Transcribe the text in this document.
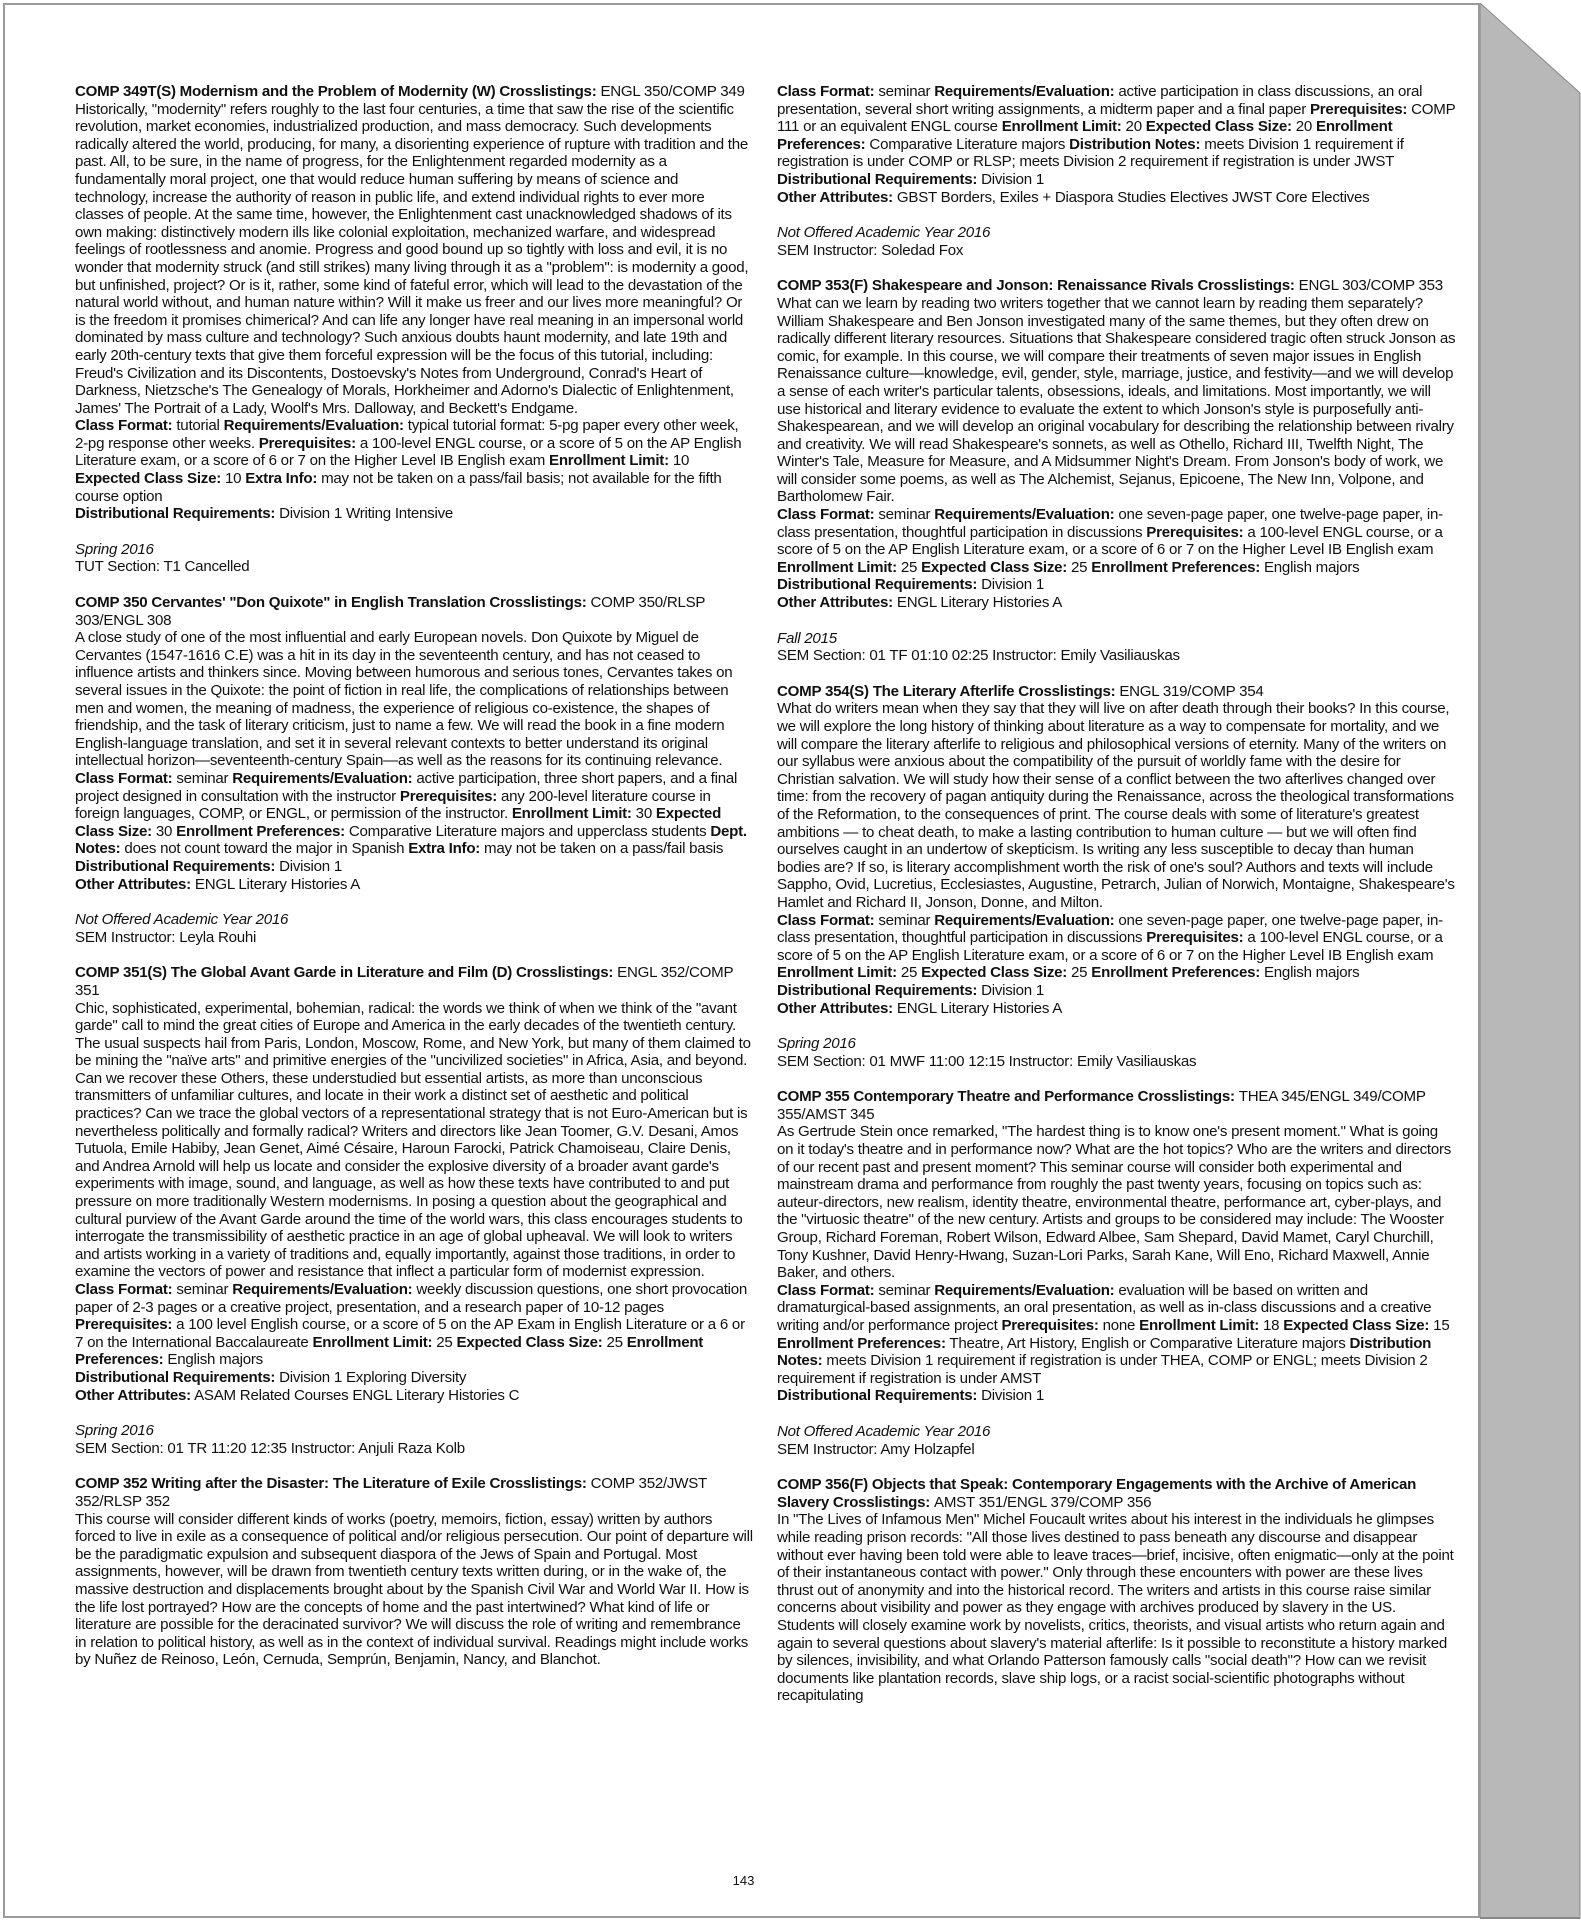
COMP 349T(S) Modernism and the Problem of Modernity (W) Crosslistings: ENGL 350/COMP 349
Historically, "modernity" refers roughly to the last four centuries, a time that saw the rise of the scientific revolution, market economies, industrialized production, and mass democracy. Such developments radically altered the world, producing, for many, a disorienting experience of rupture with tradition and the past. All, to be sure, in the name of progress, for the Enlightenment regarded modernity as a fundamentally moral project, one that would reduce human suffering by means of science and technology, increase the authority of reason in public life, and extend individual rights to ever more classes of people. At the same time, however, the Enlightenment cast unacknowledged shadows of its own making: distinctively modern ills like colonial exploitation, mechanized warfare, and widespread feelings of rootlessness and anomie. Progress and good bound up so tightly with loss and evil, it is no wonder that modernity struck (and still strikes) many living through it as a "problem": is modernity a good, but unfinished, project? Or is it, rather, some kind of fateful error, which will lead to the devastation of the natural world without, and human nature within? Will it make us freer and our lives more meaningful? Or is the freedom it promises chimerical? And can life any longer have real meaning in an impersonal world dominated by mass culture and technology? Such anxious doubts haunt modernity, and late 19th and early 20th-century texts that give them forceful expression will be the focus of this tutorial, including: Freud's Civilization and its Discontents, Dostoevsky's Notes from Underground, Conrad's Heart of Darkness, Nietzsche's The Genealogy of Morals, Horkheimer and Adorno's Dialectic of Enlightenment, James' The Portrait of a Lady, Woolf's Mrs. Dalloway, and Beckett's Endgame.
Class Format: tutorial Requirements/Evaluation: typical tutorial format: 5-pg paper every other week, 2-pg response other weeks. Prerequisites: a 100-level ENGL course, or a score of 5 on the AP English Literature exam, or a score of 6 or 7 on the Higher Level IB English exam Enrollment Limit: 10 Expected Class Size: 10 Extra Info: may not be taken on a pass/fail basis; not available for the fifth course option
Distributional Requirements: Division 1 Writing Intensive
Spring 2016
TUT Section: T1 Cancelled
COMP 350 Cervantes' "Don Quixote" in English Translation Crosslistings: COMP 350/RLSP 303/ENGL 308
A close study of one of the most influential and early European novels. Don Quixote by Miguel de Cervantes (1547-1616 C.E) was a hit in its day in the seventeenth century, and has not ceased to influence artists and thinkers since. Moving between humorous and serious tones, Cervantes takes on several issues in the Quixote: the point of fiction in real life, the complications of relationships between men and women, the meaning of madness, the experience of religious co-existence, the shapes of friendship, and the task of literary criticism, just to name a few. We will read the book in a fine modern English-language translation, and set it in several relevant contexts to better understand its original intellectual horizon—seventeenth-century Spain—as well as the reasons for its continuing relevance.
Class Format: seminar Requirements/Evaluation: active participation, three short papers, and a final project designed in consultation with the instructor Prerequisites: any 200-level literature course in foreign languages, COMP, or ENGL, or permission of the instructor. Enrollment Limit: 30 Expected Class Size: 30 Enrollment Preferences: Comparative Literature majors and upperclass students Dept. Notes: does not count toward the major in Spanish Extra Info: may not be taken on a pass/fail basis
Distributional Requirements: Division 1
Other Attributes: ENGL Literary Histories A
Not Offered Academic Year 2016
SEM Instructor: Leyla Rouhi
COMP 351(S) The Global Avant Garde in Literature and Film (D) Crosslistings: ENGL 352/COMP 351
Chic, sophisticated, experimental, bohemian, radical: the words we think of when we think of the "avant garde" call to mind the great cities of Europe and America in the early decades of the twentieth century. The usual suspects hail from Paris, London, Moscow, Rome, and New York, but many of them claimed to be mining the "naïve arts" and primitive energies of the "uncivilized societies" in Africa, Asia, and beyond. Can we recover these Others, these understudied but essential artists, as more than unconscious transmitters of unfamiliar cultures, and locate in their work a distinct set of aesthetic and political practices? Can we trace the global vectors of a representational strategy that is not Euro-American but is nevertheless politically and formally radical? Writers and directors like Jean Toomer, G.V. Desani, Amos Tutuola, Emile Habiby, Jean Genet, Aimé Césaire, Haroun Farocki, Patrick Chamoiseau, Claire Denis, and Andrea Arnold will help us locate and consider the explosive diversity of a broader avant garde's experiments with image, sound, and language, as well as how these texts have contributed to and put pressure on more traditionally Western modernisms. In posing a question about the geographical and cultural purview of the Avant Garde around the time of the world wars, this class encourages students to interrogate the transmissibility of aesthetic practice in an age of global upheaval. We will look to writers and artists working in a variety of traditions and, equally importantly, against those traditions, in order to examine the vectors of power and resistance that inflect a particular form of modernist expression.
Class Format: seminar Requirements/Evaluation: weekly discussion questions, one short provocation paper of 2-3 pages or a creative project, presentation, and a research paper of 10-12 pages Prerequisites: a 100 level English course, or a score of 5 on the AP Exam in English Literature or a 6 or 7 on the International Baccalaureate Enrollment Limit: 25 Expected Class Size: 25 Enrollment Preferences: English majors
Distributional Requirements: Division 1 Exploring Diversity
Other Attributes: ASAM Related Courses ENGL Literary Histories C
Spring 2016
SEM Section: 01 TR 11:20 12:35 Instructor: Anjuli Raza Kolb
COMP 352 Writing after the Disaster: The Literature of Exile Crosslistings: COMP 352/JWST 352/RLSP 352
This course will consider different kinds of works (poetry, memoirs, fiction, essay) written by authors forced to live in exile as a consequence of political and/or religious persecution. Our point of departure will be the paradigmatic expulsion and subsequent diaspora of the Jews of Spain and Portugal. Most assignments, however, will be drawn from twentieth century texts written during, or in the wake of, the massive destruction and displacements brought about by the Spanish Civil War and World War II. How is the life lost portrayed? How are the concepts of home and the past intertwined? What kind of life or literature are possible for the deracinated survivor? We will discuss the role of writing and remembrance in relation to political history, as well as in the context of individual survival. Readings might include works by Nuñez de Reinoso, León, Cernuda, Semprún, Benjamin, Nancy, and Blanchot.
Class Format: seminar Requirements/Evaluation: active participation in class discussions, an oral presentation, several short writing assignments, a midterm paper and a final paper Prerequisites: COMP 111 or an equivalent ENGL course Enrollment Limit: 20 Expected Class Size: 20 Enrollment Preferences: Comparative Literature majors Distribution Notes: meets Division 1 requirement if registration is under COMP or RLSP; meets Division 2 requirement if registration is under JWST
Distributional Requirements: Division 1
Other Attributes: GBST Borders, Exiles + Diaspora Studies Electives JWST Core Electives
Not Offered Academic Year 2016
SEM Instructor: Soledad Fox
COMP 353(F) Shakespeare and Jonson: Renaissance Rivals Crosslistings: ENGL 303/COMP 353
What can we learn by reading two writers together that we cannot learn by reading them separately? William Shakespeare and Ben Jonson investigated many of the same themes, but they often drew on radically different literary resources. Situations that Shakespeare considered tragic often struck Jonson as comic, for example. In this course, we will compare their treatments of seven major issues in English Renaissance culture—knowledge, evil, gender, style, marriage, justice, and festivity—and we will develop a sense of each writer's particular talents, obsessions, ideals, and limitations. Most importantly, we will use historical and literary evidence to evaluate the extent to which Jonson's style is purposefully anti-Shakespearean, and we will develop an original vocabulary for describing the relationship between rivalry and creativity. We will read Shakespeare's sonnets, as well as Othello, Richard III, Twelfth Night, The Winter's Tale, Measure for Measure, and A Midsummer Night's Dream. From Jonson's body of work, we will consider some poems, as well as The Alchemist, Sejanus, Epicoene, The New Inn, Volpone, and Bartholomew Fair.
Class Format: seminar Requirements/Evaluation: one seven-page paper, one twelve-page paper, in-class presentation, thoughtful participation in discussions Prerequisites: a 100-level ENGL course, or a score of 5 on the AP English Literature exam, or a score of 6 or 7 on the Higher Level IB English exam Enrollment Limit: 25 Expected Class Size: 25 Enrollment Preferences: English majors
Distributional Requirements: Division 1
Other Attributes: ENGL Literary Histories A
Fall 2015
SEM Section: 01 TF 01:10 02:25 Instructor: Emily Vasiliauskas
COMP 354(S) The Literary Afterlife Crosslistings: ENGL 319/COMP 354
What do writers mean when they say that they will live on after death through their books? In this course, we will explore the long history of thinking about literature as a way to compensate for mortality, and we will compare the literary afterlife to religious and philosophical versions of eternity. Many of the writers on our syllabus were anxious about the compatibility of the pursuit of worldly fame with the desire for Christian salvation. We will study how their sense of a conflict between the two afterlives changed over time: from the recovery of pagan antiquity during the Renaissance, across the theological transformations of the Reformation, to the consequences of print. The course deals with some of literature's greatest ambitions — to cheat death, to make a lasting contribution to human culture — but we will often find ourselves caught in an undertow of skepticism. Is writing any less susceptible to decay than human bodies are? If so, is literary accomplishment worth the risk of one's soul? Authors and texts will include Sappho, Ovid, Lucretius, Ecclesiastes, Augustine, Petrarch, Julian of Norwich, Montaigne, Shakespeare's Hamlet and Richard II, Jonson, Donne, and Milton.
Class Format: seminar Requirements/Evaluation: one seven-page paper, one twelve-page paper, in-class presentation, thoughtful participation in discussions Prerequisites: a 100-level ENGL course, or a score of 5 on the AP English Literature exam, or a score of 6 or 7 on the Higher Level IB English exam Enrollment Limit: 25 Expected Class Size: 25 Enrollment Preferences: English majors
Distributional Requirements: Division 1
Other Attributes: ENGL Literary Histories A
Spring 2016
SEM Section: 01 MWF 11:00 12:15 Instructor: Emily Vasiliauskas
COMP 355 Contemporary Theatre and Performance Crosslistings: THEA 345/ENGL 349/COMP 355/AMST 345
As Gertrude Stein once remarked, "The hardest thing is to know one's present moment." What is going on it today's theatre and in performance now? What are the hot topics? Who are the writers and directors of our recent past and present moment? This seminar course will consider both experimental and mainstream drama and performance from roughly the past twenty years, focusing on topics such as: auteur-directors, new realism, identity theatre, environmental theatre, performance art, cyber-plays, and the "virtuosic theatre" of the new century. Artists and groups to be considered may include: The Wooster Group, Richard Foreman, Robert Wilson, Edward Albee, Sam Shepard, David Mamet, Caryl Churchill, Tony Kushner, David Henry-Hwang, Suzan-Lori Parks, Sarah Kane, Will Eno, Richard Maxwell, Annie Baker, and others.
Class Format: seminar Requirements/Evaluation: evaluation will be based on written and dramaturgical-based assignments, an oral presentation, as well as in-class discussions and a creative writing and/or performance project Prerequisites: none Enrollment Limit: 18 Expected Class Size: 15 Enrollment Preferences: Theatre, Art History, English or Comparative Literature majors Distribution Notes: meets Division 1 requirement if registration is under THEA, COMP or ENGL; meets Division 2 requirement if registration is under AMST
Distributional Requirements: Division 1
Not Offered Academic Year 2016
SEM Instructor: Amy Holzapfel
COMP 356(F) Objects that Speak: Contemporary Engagements with the Archive of American Slavery Crosslistings: AMST 351/ENGL 379/COMP 356
In "The Lives of Infamous Men" Michel Foucault writes about his interest in the individuals he glimpses while reading prison records: "All those lives destined to pass beneath any discourse and disappear without ever having been told were able to leave traces—brief, incisive, often enigmatic—only at the point of their instantaneous contact with power." Only through these encounters with power are these lives thrust out of anonymity and into the historical record. The writers and artists in this course raise similar concerns about visibility and power as they engage with archives produced by slavery in the US. Students will closely examine work by novelists, critics, theorists, and visual artists who return again and again to several questions about slavery's material afterlife: Is it possible to reconstitute a history marked by silences, invisibility, and what Orlando Patterson famously calls "social death"? How can we revisit documents like plantation records, slave ship logs, or a racist social-scientific photographs without recapitulating
143
